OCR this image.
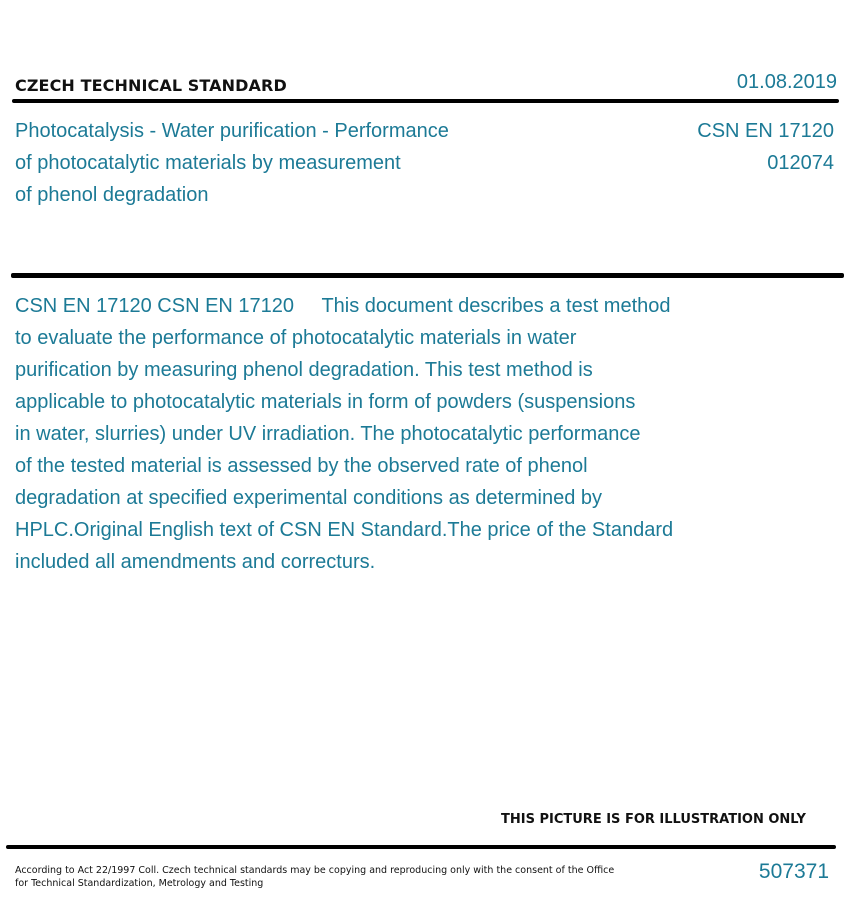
CZECH TECHNICAL STANDARD	01.08.2019
Photocatalysis - Water purification - Performance
of photocatalytic materials by measurement
of phenol degradation
CSN EN 17120
012074
CSN EN 17120 CSN EN 17120     This document describes a test method
to evaluate the performance of photocatalytic materials in water
purification by measuring phenol degradation. This test method is
applicable to photocatalytic materials in form of powders (suspensions
in water, slurries) under UV irradiation. The photocatalytic performance
of the tested material is assessed by the observed rate of phenol
degradation at specified experimental conditions as determined by
HPLC.Original English text of CSN EN Standard.The price of the Standard
included all amendments and correcturs.
THIS PICTURE IS FOR ILLUSTRATION ONLY
According to Act 22/1997 Coll. Czech technical standards may be copying and reproducing only with the consent of the Office
for Technical Standardization, Metrology and Testing
507371
